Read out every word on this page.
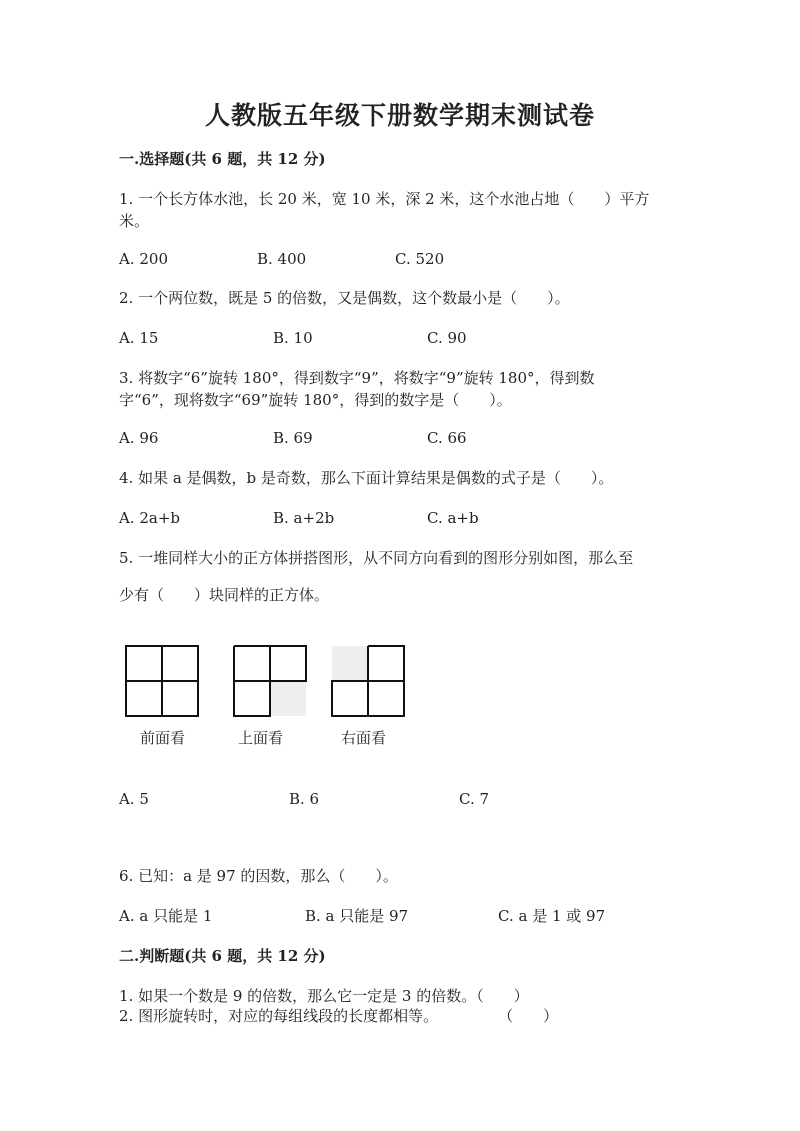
人教版五年级下册数学期末测试卷
一.选择题(共 6 题，共 12 分)
1. 一个长方体水池，长 20 米，宽 10 米，深 2 米，这个水池占地（　　）平方
米。
A. 200	B. 400	C. 520
2. 一个两位数，既是 5 的倍数，又是偶数，这个数最小是（　　）。
A. 15	B. 10	C. 90
3. 将数字“6”旋转 180°，得到数字“9”，将数字“9”旋转 180°，得到数
字“6”，现将数字“69”旋转 180°，得到的数字是（　　）。
A. 96	B. 69	C. 66
4. 如果 a 是偶数，b 是奇数，那么下面计算结果是偶数的式子是（　　）。
A. 2a+b	B. a+2b	C. a+b
5. 一堆同样大小的正方体拼搭图形，从不同方向看到的图形分别如图，那么至
少有（　　）块同样的正方体。
前面看	上面看	右面看
A. 5	B. 6	C. 7
6. 已知：a 是 97 的因数，那么（　　）。
A. a 只能是 1	B. a 只能是 97	C. a 是 1 或 97
二.判断题(共 6 题，共 12 分)
1. 如果一个数是 9 的倍数，那么它一定是 3 的倍数。（　　）
2. 图形旋转时，对应的每组线段的长度都相等。　　　　　（　　）
